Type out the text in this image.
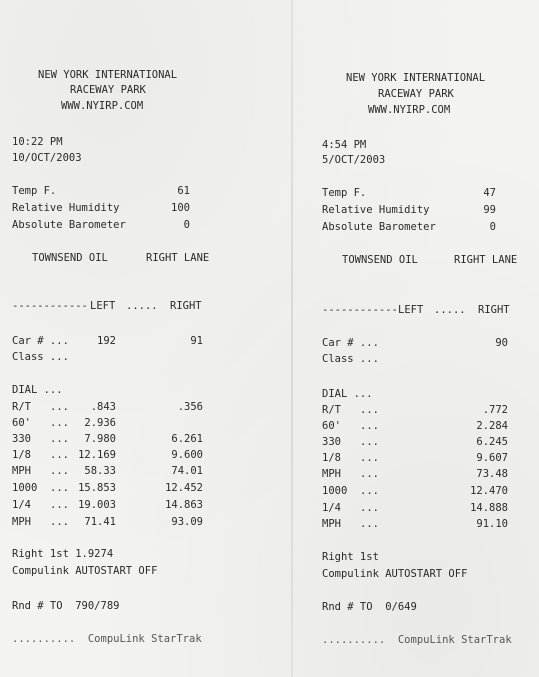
NEW YORK INTERNATIONAL
RACEWAY PARK
WWW.NYIRP.COM
10:22 PM
10/OCT/2003
Temp F.	61
Relative Humidity	100
Absolute Barometer	0
TOWNSEND OIL	RIGHT LANE
------------ LEFT ..... RIGHT
Car # ...	192	91
Class ...
DIAL ...
R/T ...	.843	.356
60' ...	2.936
330 ...	7.980	6.261
1/8 ... 12.169	9.600
MPH ...	58.33	74.01
1000 ... 15.853	12.452
1/4 ... 19.003	14.863
MPH ...	71.41	93.09
Right 1st 1.9274
Compulink AUTOSTART OFF
Rnd # TO  790/789
..........  CompuLink StarTrak
NEW YORK INTERNATIONAL
RACEWAY PARK
WWW.NYIRP.COM
4:54 PM
5/OCT/2003
Temp F.	47
Relative Humidity	99
Absolute Barometer	0
TOWNSEND OIL	RIGHT LANE
------------ LEFT ..... RIGHT
Car # ...	90
Class ...
DIAL ...
R/T ...	.772
60' ...	2.284
330 ...	6.245
1/8 ...	9.607
MPH ...	73.48
1000 ...	12.470
1/4 ...	14.888
MPH ...	91.10
Right 1st
Compulink AUTOSTART OFF
Rnd # TO  0/649
..........  CompuLink StarTrak
